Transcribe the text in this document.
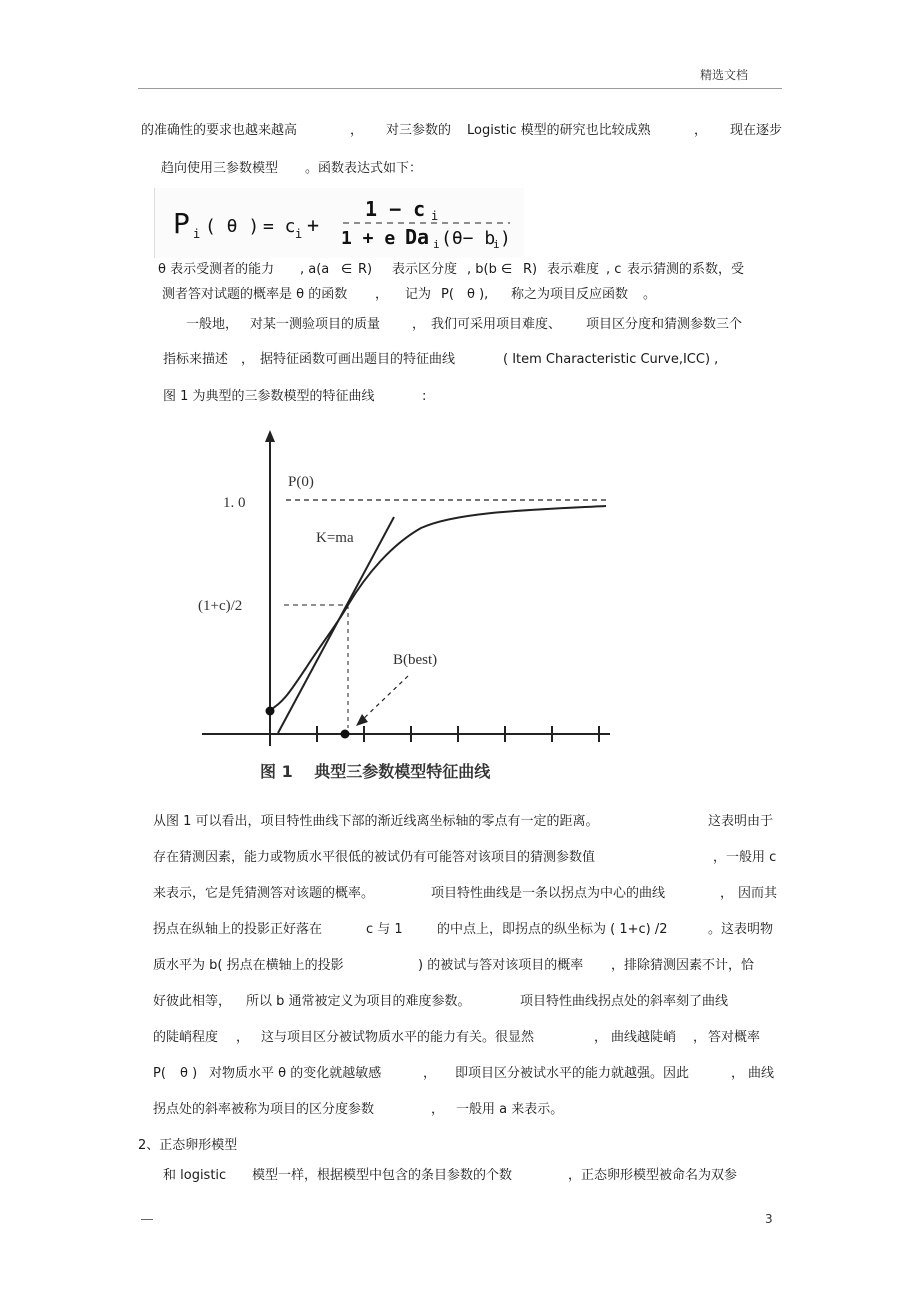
精选文档
的准确性的要求也越来越高	， 对三参数的 Logistic 模型的研究也比较成熟	， 现在逐步
趋向使用三参数模型 。函数表达式如下：
P i ( θ ) = c i +
1 − c i
1 + e Da i (θ− b
i )
θ 表示受测者的能力 , a(a ∈ R) 表示区分度 , b(b ∈ R) 表示难度 , c 表示猜测的系数，受
测者答对试题的概率是 θ 的函数 ， 记为 P( θ ), 称之为项目反应函数 。
一般地， 对某一测验项目的质量 ， 我们可采用项目难度、 项目区分度和猜测参数三个
指标来描述 ， 据特征函数可画出题目的特征曲线	( Item Characteristic Curve,ICC) ,
图 1 为典型的三参数模型的特征曲线	:
P(0)
1. 0
(1+c)/2
K=ma
B(best)
图 1　 典型三参数模型特征曲线
从图 1 可以看出，项目特性曲线下部的渐近线离坐标轴的零点有一定的距离。	这表明由于
存在猜测因素，能力或物质水平很低的被试仍有可能答对该项目的猜测参数值	，一般用 c
来表示，它是凭猜测答对该题的概率。	项目特性曲线是一条以拐点为中心的曲线	， 因而其
拐点在纵轴上的投影正好落在	c 与 1	的中点上，即拐点的纵坐标为 ( 1+c) /2	。这表明物
质水平为 b( 拐点在横轴上的投影	) 的被试与答对该项目的概率 ，排除猜测因素不计，恰
好彼此相等， 所以 b 通常被定义为项目的难度参数。	项目特性曲线拐点处的斜率刻了曲线
的陡峭程度 ， 这与项目区分被试物质水平的能力有关。很显然	， 曲线越陡峭 ， 答对概率
P( θ ) 对物质水平 θ 的变化就越敏感	， 即项目区分被试水平的能力就越强。因此	， 曲线
拐点处的斜率被称为项目的区分度参数	， 一般用 a 来表示。
2、正态卵形模型
和 logistic 模型一样，根据模型中包含的条目参数的个数	，正态卵形模型被命名为双参
3
